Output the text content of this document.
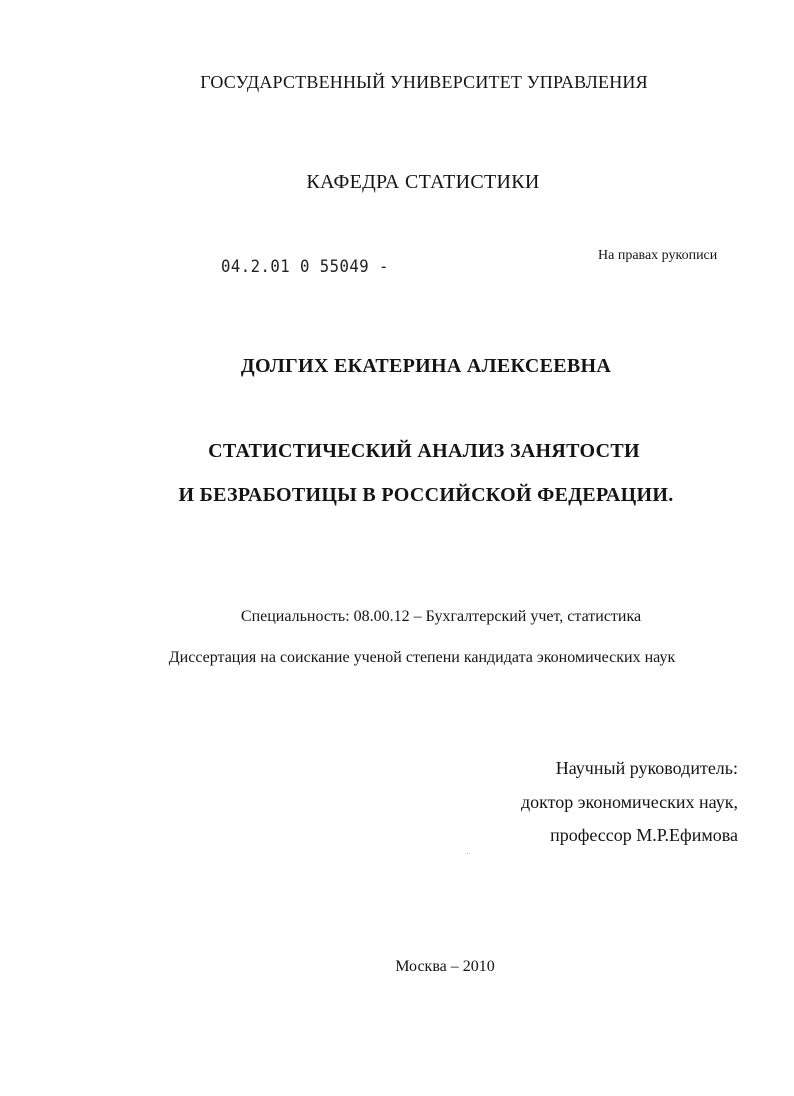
ГОСУДАРСТВЕННЫЙ УНИВЕРСИТЕТ УПРАВЛЕНИЯ
КАФЕДРА СТАТИСТИКИ
04.2.01 0 55049 -
На правах рукописи
ДОЛГИХ ЕКАТЕРИНА АЛЕКСЕЕВНА
СТАТИСТИЧЕСКИЙ АНАЛИЗ ЗАНЯТОСТИ
И БЕЗРАБОТИЦЫ В РОССИЙСКОЙ ФЕДЕРАЦИИ.
Специальность: 08.00.12 – Бухгалтерский учет, статистика
Диссертация на соискание ученой степени кандидата экономических наук
Научный руководитель:
доктор экономических наук,
профессор М.Р.Ефимова
Москва – 2010
